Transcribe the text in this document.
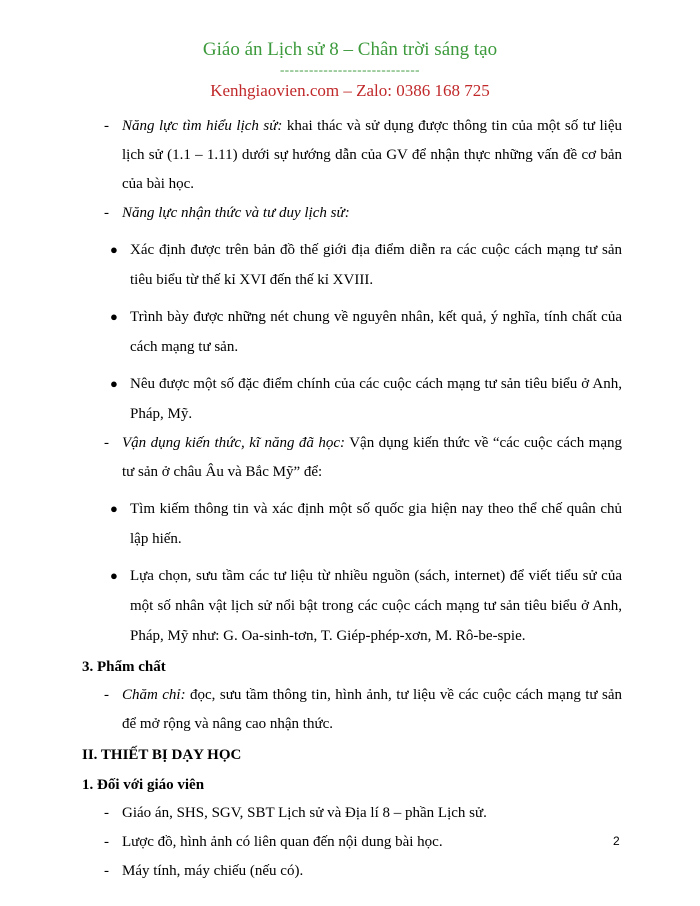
Giáo án Lịch sử 8 – Chân trời sáng tạo
-----------------------------
Kenhgiaovien.com – Zalo: 0386 168 725
- Năng lực tìm hiểu lịch sử: khai thác và sử dụng được thông tin của một số tư liệu lịch sử (1.1 – 1.11) dưới sự hướng dẫn của GV để nhận thực những vấn đề cơ bản của bài học.
- Năng lực nhận thức và tư duy lịch sử:
● Xác định được trên bản đồ thế giới địa điểm diễn ra các cuộc cách mạng tư sản tiêu biểu từ thế kỉ XVI đến thế kỉ XVIII.
● Trình bày được những nét chung về nguyên nhân, kết quả, ý nghĩa, tính chất của cách mạng tư sản.
● Nêu được một số đặc điểm chính của các cuộc cách mạng tư sản tiêu biểu ở Anh, Pháp, Mỹ.
- Vận dụng kiến thức, kĩ năng đã học: Vận dụng kiến thức về “các cuộc cách mạng tư sản ở châu Âu và Bắc Mỹ” để:
● Tìm kiếm thông tin và xác định một số quốc gia hiện nay theo thể chế quân chủ lập hiến.
● Lựa chọn, sưu tầm các tư liệu từ nhiều nguồn (sách, internet) để viết tiểu sử của một số nhân vật lịch sử nổi bật trong các cuộc cách mạng tư sản tiêu biểu ở Anh, Pháp, Mỹ như: G. Oa-sinh-tơn, T. Giép-phép-xơn, M. Rô-be-spie.
3. Phẩm chất
- Chăm chỉ: đọc, sưu tầm thông tin, hình ảnh, tư liệu về các cuộc cách mạng tư sản để mở rộng và nâng cao nhận thức.
II. THIẾT BỊ DẠY HỌC
1. Đối với giáo viên
- Giáo án, SHS, SGV, SBT Lịch sử và Địa lí 8 – phần Lịch sử.
- Lược đồ, hình ảnh có liên quan đến nội dung bài học.
- Máy tính, máy chiếu (nếu có).
2
